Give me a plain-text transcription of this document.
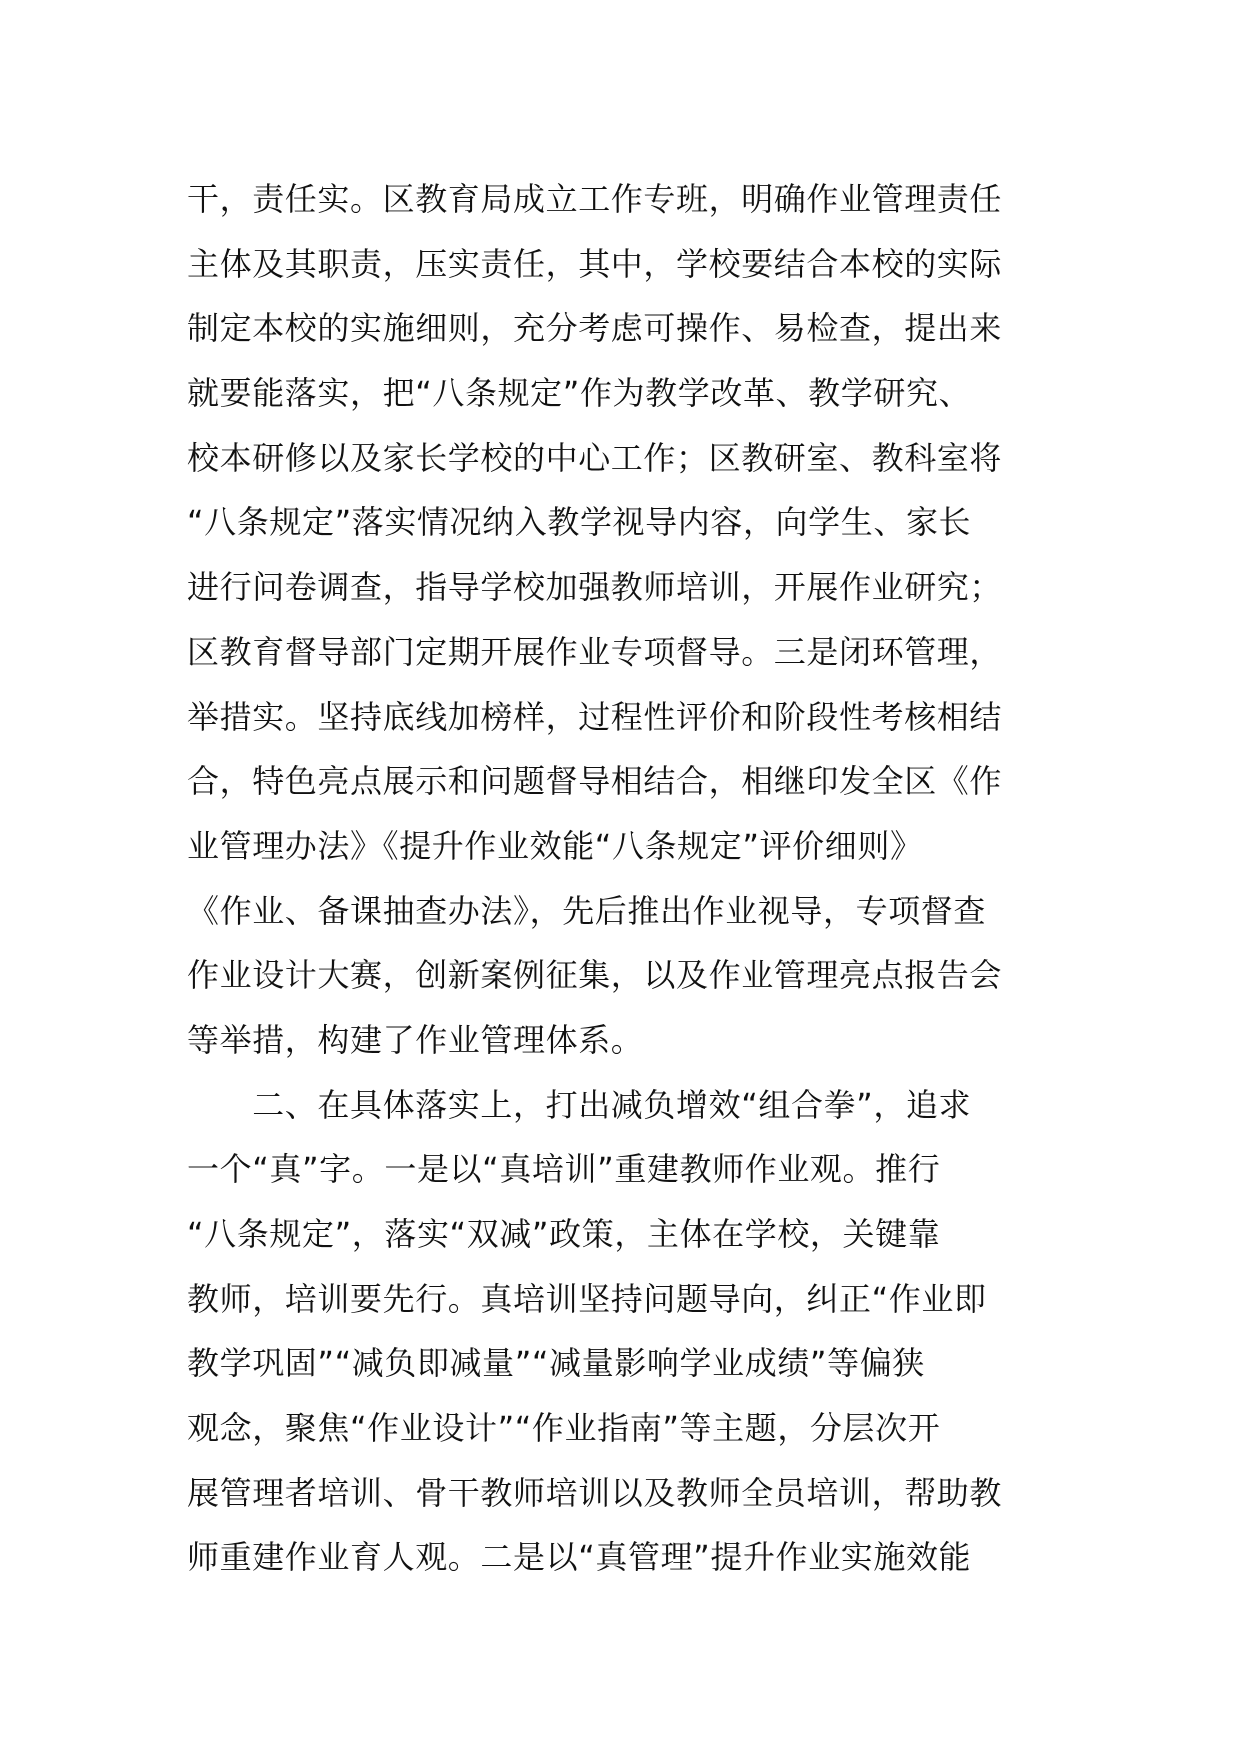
干，责任实。区教育局成立工作专班，明确作业管理责任
主体及其职责，压实责任，其中，学校要结合本校的实际
制定本校的实施细则，充分考虑可操作、易检查，提出来
就要能落实，把“八条规定”作为教学改革、教学研究、
校本研修以及家长学校的中心工作；区教研室、教科室将
“八条规定”落实情况纳入教学视导内容，向学生、家长
进行问卷调查，指导学校加强教师培训，开展作业研究；
区教育督导部门定期开展作业专项督导。三是闭环管理，
举措实。坚持底线加榜样，过程性评价和阶段性考核相结
合，特色亮点展示和问题督导相结合，相继印发全区《作
业管理办法》《提升作业效能“八条规定”评价细则》
《作业、备课抽查办法》，先后推出作业视导，专项督查
作业设计大赛，创新案例征集，以及作业管理亮点报告会
等举措，构建了作业管理体系。
　　二、在具体落实上，打出减负增效“组合拳”，追求
一个“真”字。一是以“真培训”重建教师作业观。推行
“八条规定”，落实“双减”政策，主体在学校，关键靠
教师，培训要先行。真培训坚持问题导向，纠正“作业即
教学巩固”“减负即减量”“减量影响学业成绩”等偏狭
观念，聚焦“作业设计”“作业指南”等主题，分层次开
展管理者培训、骨干教师培训以及教师全员培训，帮助教
师重建作业育人观。二是以“真管理”提升作业实施效能
